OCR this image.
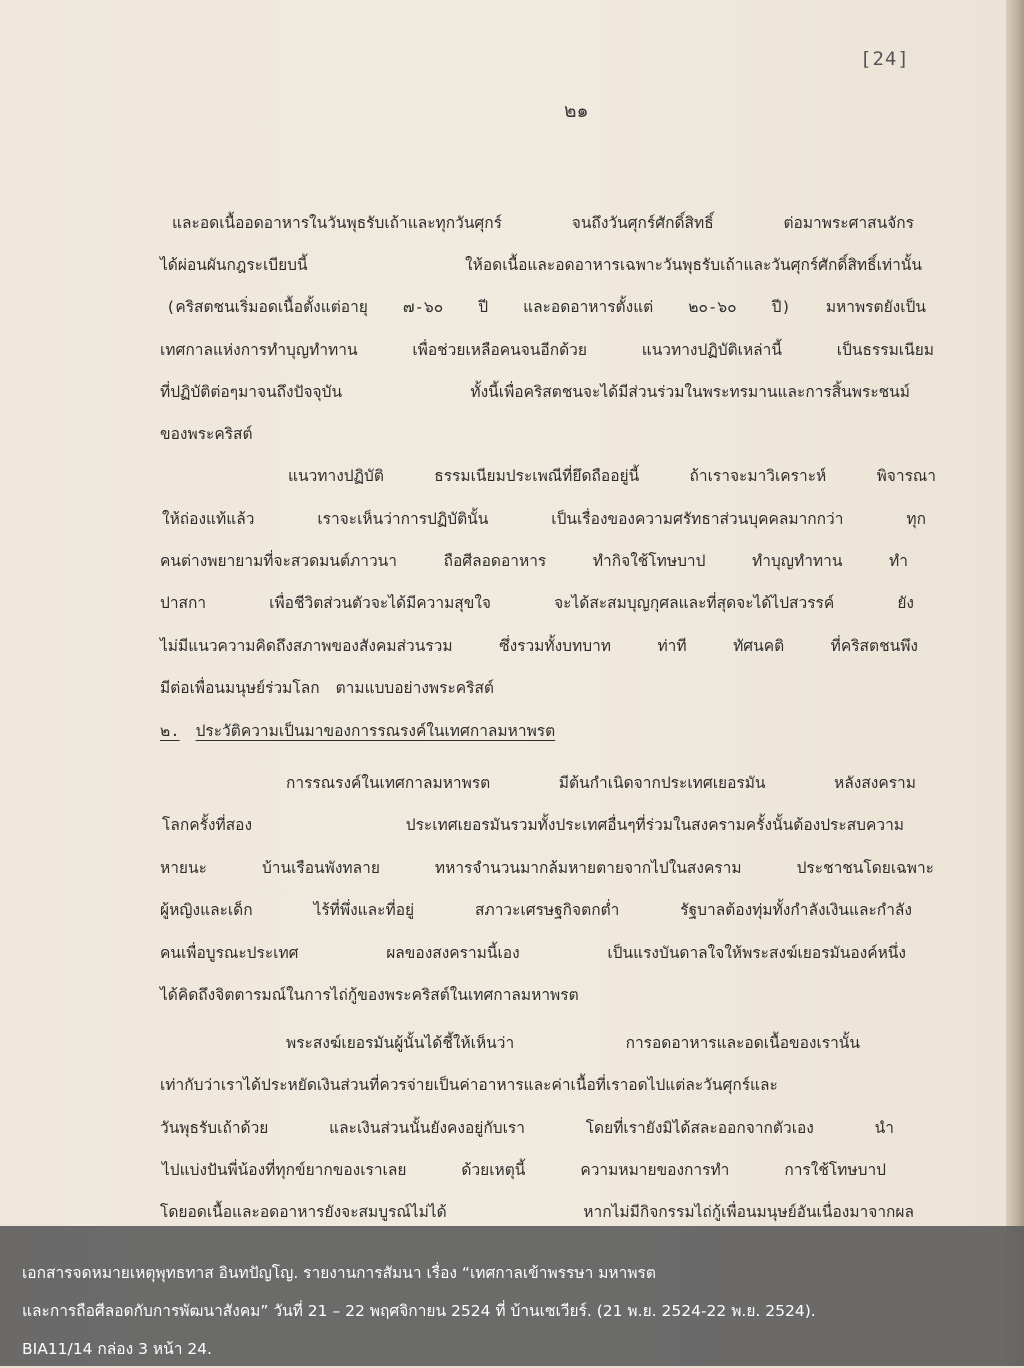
[24]
๒๑
และอดเนื้ออดอาหารในวันพุธรับเถ้าและทุกวันศุกร์	จนถึงวันศุกร์ศักดิ์สิทธิ์	ต่อมาพระศาสนจักร
ได้ผ่อนผันกฎระเบียบนี้	ให้อดเนื้อและอดอาหารเฉพาะวันพุธรับเถ้าและวันศุกร์ศักดิ์สิทธิ์เท่านั้น
(คริสตชนเริ่มอดเนื้อตั้งแต่อายุ ๗-๖๐ ปี และอดอาหารตั้งแต่ ๒๐-๖๐ ปี) มหาพรตยังเป็น
เทศกาลแห่งการทำบุญทำทาน	เพื่อช่วยเหลือคนจนอีกด้วย	แนวทางปฏิบัติเหล่านี้	เป็นธรรมเนียม
ที่ปฏิบัติต่อๆมาจนถึงปัจจุบัน	ทั้งนี้เพื่อคริสตชนจะได้มีส่วนร่วมในพระทรมานและการสิ้นพระชนม์
ของพระคริสต์
แนวทางปฏิบัติ	ธรรมเนียมประเพณีที่ยึดถืออยู่นี้	ถ้าเราจะมาวิเคราะห์	พิจารณา
ให้ถ่องแท้แล้ว	เราจะเห็นว่าการปฏิบัตินั้น	เป็นเรื่องของความศรัทธาส่วนบุคคลมากกว่า	ทุก
คนต่างพยายามที่จะสวดมนต์ภาวนา	ถือศีลอดอาหาร	ทำกิจใช้โทษบาป	ทำบุญทำทาน	ทำ
ปาสกา	เพื่อชีวิตส่วนตัวจะได้มีความสุขใจ	จะได้สะสมบุญกุศลและที่สุดจะได้ไปสวรรค์	ยัง
ไม่มีแนวความคิดถึงสภาพของสังคมส่วนรวม	ซึ่งรวมทั้งบทบาท	ท่าที	ทัศนคติ	ที่คริสตชนพึง
มีต่อเพื่อนมนุษย์ร่วมโลก ตามแบบอย่างพระคริสต์
๒. ประวัติความเป็นมาของการรณรงค์ในเทศกาลมหาพรต
การรณรงค์ในเทศกาลมหาพรต	มีต้นกำเนิดจากประเทศเยอรมัน	หลังสงคราม
โลกครั้งที่สอง	ประเทศเยอรมันรวมทั้งประเทศอื่นๆที่ร่วมในสงครามครั้งนั้นต้องประสบความ
หายนะ	บ้านเรือนพังทลาย	ทหารจำนวนมากล้มหายตายจากไปในสงคราม	ประชาชนโดยเฉพาะ
ผู้หญิงและเด็ก	ไร้ที่พึ่งและที่อยู่	สภาวะเศรษฐกิจตกต่ำ	รัฐบาลต้องทุ่มทั้งกำลังเงินและกำลัง
คนเพื่อบูรณะประเทศ	ผลของสงครามนี้เอง	เป็นแรงบันดาลใจให้พระสงฆ์เยอรมันองค์หนึ่ง
ได้คิดถึงจิตตารมณ์ในการไถ่กู้ของพระคริสต์ในเทศกาลมหาพรต
พระสงฆ์เยอรมันผู้นั้นได้ชี้ให้เห็นว่า	การอดอาหารและอดเนื้อของเรานั้น
เท่ากับว่าเราได้ประหยัดเงินส่วนที่ควรจ่ายเป็นค่าอาหารและค่าเนื้อที่เราอดไปแต่ละวันศุกร์และ
วันพุธรับเถ้าด้วย	และเงินส่วนนั้นยังคงอยู่กับเรา	โดยที่เรายังมิได้สละออกจากตัวเอง	นำ
ไปแบ่งปันพี่น้องที่ทุกข์ยากของเราเลย	ด้วยเหตุนี้	ความหมายของการทำ	การใช้โทษบาป
โดยอดเนื้อและอดอาหารยังจะสมบูรณ์ไม่ได้	หากไม่มีกิจกรรมไถ่กู้เพื่อนมนุษย์อันเนื่องมาจากผล
เอกสารจดหมายเหตุพุทธทาส อินทปัญโญ. รายงานการสัมนา เรื่อง “เทศกาลเข้าพรรษา มหาพรต
และการถือศีลอดกับการพัฒนาสังคม” วันที่ 21 – 22 พฤศจิกายน 2524 ที่ บ้านเซเวียร์. (21 พ.ย. 2524-22 พ.ย. 2524).
BIA11/14 กล่อง 3 หน้า 24.
